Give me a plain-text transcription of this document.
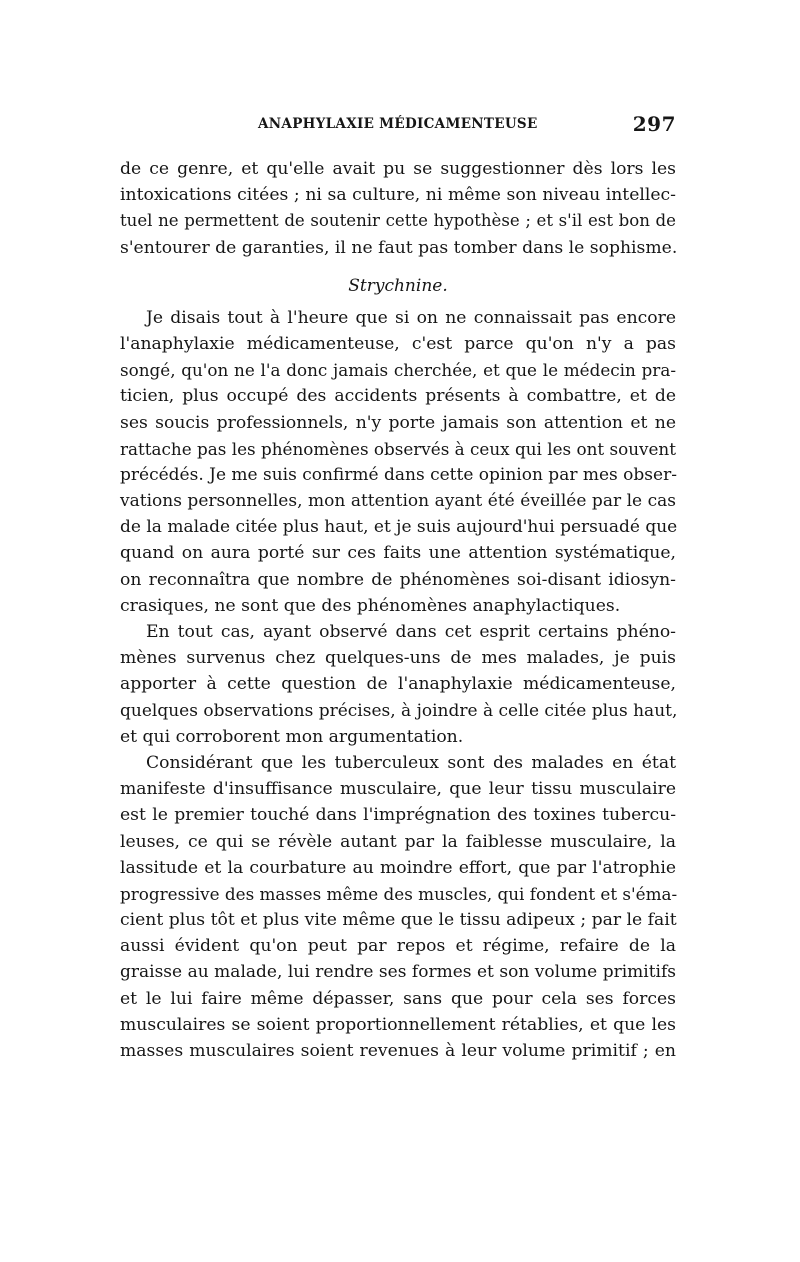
ANAPHYLAXIE MÉDICAMENTEUSE	297
de ce genre, et qu'elle avait pu se suggestionner dès lors les
intoxications citées ; ni sa culture, ni même son niveau intellec-
tuel ne permettent de soutenir cette hypothèse ; et s'il est bon de
s'entourer de garanties, il ne faut pas tomber dans le sophisme.
Strychnine.
Je disais tout à l'heure que si on ne connaissait pas encore
l'anaphylaxie médicamenteuse, c'est parce qu'on n'y a pas
songé, qu'on ne l'a donc jamais cherchée, et que le médecin pra-
ticien, plus occupé des accidents présents à combattre, et de
ses soucis professionnels, n'y porte jamais son attention et ne
rattache pas les phénomènes observés à ceux qui les ont souvent
précédés. Je me suis confirmé dans cette opinion par mes obser-
vations personnelles, mon attention ayant été éveillée par le cas
de la malade citée plus haut, et je suis aujourd'hui persuadé que
quand on aura porté sur ces faits une attention systématique,
on reconnaîtra que nombre de phénomènes soi-disant idiosyn-
crasiques, ne sont que des phénomènes anaphylactiques.
En tout cas, ayant observé dans cet esprit certains phéno-
mènes survenus chez quelques-uns de mes malades, je puis
apporter à cette question de l'anaphylaxie médicamenteuse,
quelques observations précises, à joindre à celle citée plus haut,
et qui corroborent mon argumentation.
Considérant que les tuberculeux sont des malades en état
manifeste d'insuffisance musculaire, que leur tissu musculaire
est le premier touché dans l'imprégnation des toxines tubercu-
leuses, ce qui se révèle autant par la faiblesse musculaire, la
lassitude et la courbature au moindre effort, que par l'atrophie
progressive des masses même des muscles, qui fondent et s'éma-
cient plus tôt et plus vite même que le tissu adipeux ; par le fait
aussi évident qu'on peut par repos et régime, refaire de la
graisse au malade, lui rendre ses formes et son volume primitifs
et le lui faire même dépasser, sans que pour cela ses forces
musculaires se soient proportionnellement rétablies, et que les
masses musculaires soient revenues à leur volume primitif ; en
